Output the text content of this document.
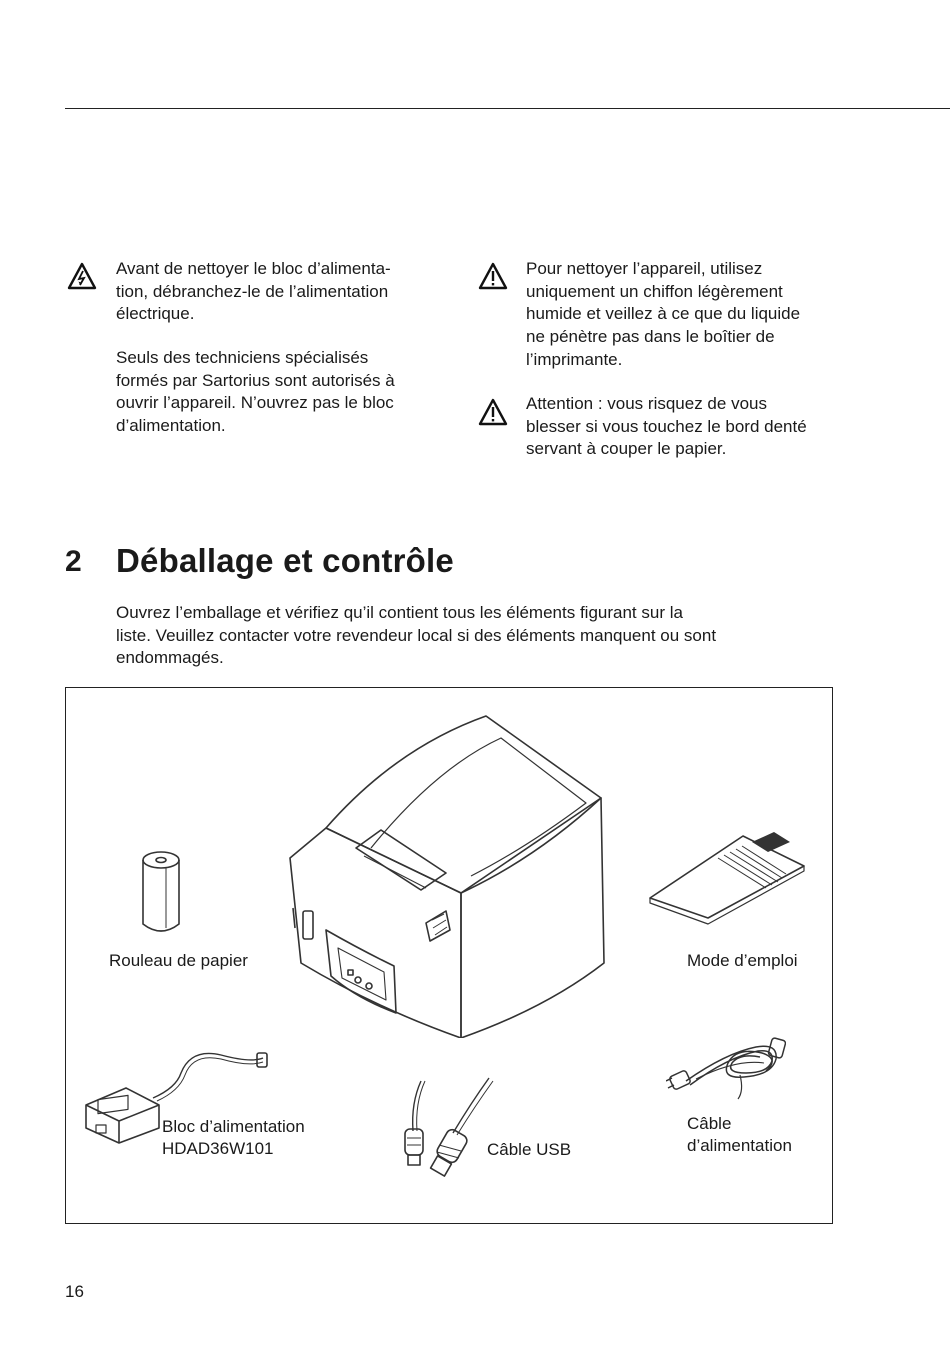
Avant de nettoyer le bloc d’alimenta-
tion, débranchez-le de l’alimentation
électrique.
Seuls des techniciens spécialisés
formés par Sartorius sont autorisés à
ouvrir l’appareil. N’ouvrez pas le bloc
d’alimentation.
Pour nettoyer l’appareil, utilisez
uniquement un chiffon légèrement
humide et veillez à ce que du liquide
ne pénètre pas dans le boîtier de
l’imprimante.
Attention : vous risquez de vous
blesser si vous touchez le bord denté
servant à couper le papier.
2 Déballage et contrôle
Ouvrez l’emballage et vérifiez qu’il contient tous les éléments figurant sur la
liste. Veuillez contacter votre revendeur local si des éléments manquent ou sont
endommagés.
Rouleau de papier	Mode d’emploi
Bloc d’alimentation
HDAD36W101	Câble USB
Câble
d’alimentation
16
